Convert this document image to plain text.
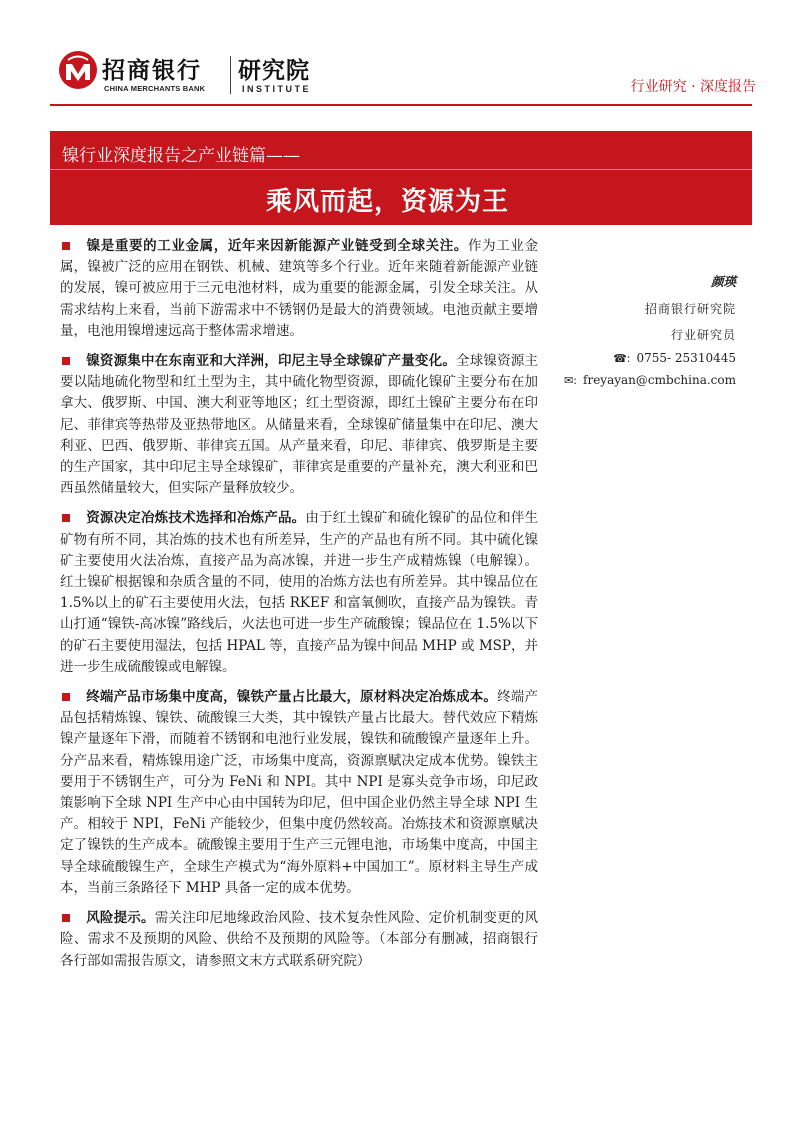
招商银行
CHINA MERCHANTS BANK
研究院
INSTITUTE	行业研究 · 深度报告
镍行业深度报告之产业链篇——
乘风而起，资源为王

镍是重要的工业金属，近年来因新能源产业链受到全球关注。作为工业金属，镍被广泛的应用在钢铁、机械、建筑等多个行业。近年来随着新能源产业链的发展，镍可被应用于三元电池材料，成为重要的能源金属，引发全球关注。从需求结构上来看，当前下游需求中不锈钢仍是最大的消费领域。电池贡献主要增量，电池用镍增速远高于整体需求增速。

镍资源集中在东南亚和大洋洲，印尼主导全球镍矿产量变化。全球镍资源主要以陆地硫化物型和红土型为主，其中硫化物型资源，即硫化镍矿主要分布在加拿大、俄罗斯、中国、澳大利亚等地区；红土型资源，即红土镍矿主要分布在印尼、菲律宾等热带及亚热带地区。从储量来看，全球镍矿储量集中在印尼、澳大利亚、巴西、俄罗斯、菲律宾五国。从产量来看，印尼、菲律宾、俄罗斯是主要的生产国家，其中印尼主导全球镍矿，菲律宾是重要的产量补充，澳大利亚和巴西虽然储量较大，但实际产量释放较少。

资源决定冶炼技术选择和冶炼产品。由于红土镍矿和硫化镍矿的品位和伴生矿物有所不同，其冶炼的技术也有所差异，生产的产品也有所不同。其中硫化镍矿主要使用火法冶炼，直接产品为高冰镍，并进一步生产成精炼镍（电解镍）。红土镍矿根据镍和杂质含量的不同，使用的冶炼方法也有所差异。其中镍品位在 1.5%以上的矿石主要使用火法，包括 RKEF 和富氧侧吹，直接产品为镍铁。青山打通“镍铁-高冰镍”路线后，火法也可进一步生产硫酸镍；镍品位在 1.5%以下的矿石主要使用湿法，包括 HPAL 等，直接产品为镍中间品 MHP 或 MSP，并进一步生成硫酸镍或电解镍。

终端产品市场集中度高，镍铁产量占比最大，原材料决定冶炼成本。终端产品包括精炼镍、镍铁、硫酸镍三大类，其中镍铁产量占比最大。替代效应下精炼镍产量逐年下滑，而随着不锈钢和电池行业发展，镍铁和硫酸镍产量逐年上升。分产品来看，精炼镍用途广泛，市场集中度高，资源禀赋决定成本优势。镍铁主要用于不锈钢生产，可分为 FeNi 和 NPI。其中 NPI 是寡头竞争市场，印尼政策影响下全球 NPI 生产中心由中国转为印尼，但中国企业仍然主导全球 NPI 生产。相较于 NPI，FeNi 产能较少，但集中度仍然较高。冶炼技术和资源禀赋决定了镍铁的生产成本。硫酸镍主要用于生产三元锂电池，市场集中度高，中国主导全球硫酸镍生产，全球生产模式为“海外原料+中国加工”。原材料主导生产成本，当前三条路径下 MHP 具备一定的成本优势。

风险提示。需关注印尼地缘政治风险、技术复杂性风险、定价机制变更的风险、需求不及预期的风险、供给不及预期的风险等。（本部分有删减，招商银行各行部如需报告原文，请参照文末方式联系研究院）

颜瑛
招商银行研究院
行业研究员
☎: 0755- 25310445
✉: freyayan@cmbchina.com
